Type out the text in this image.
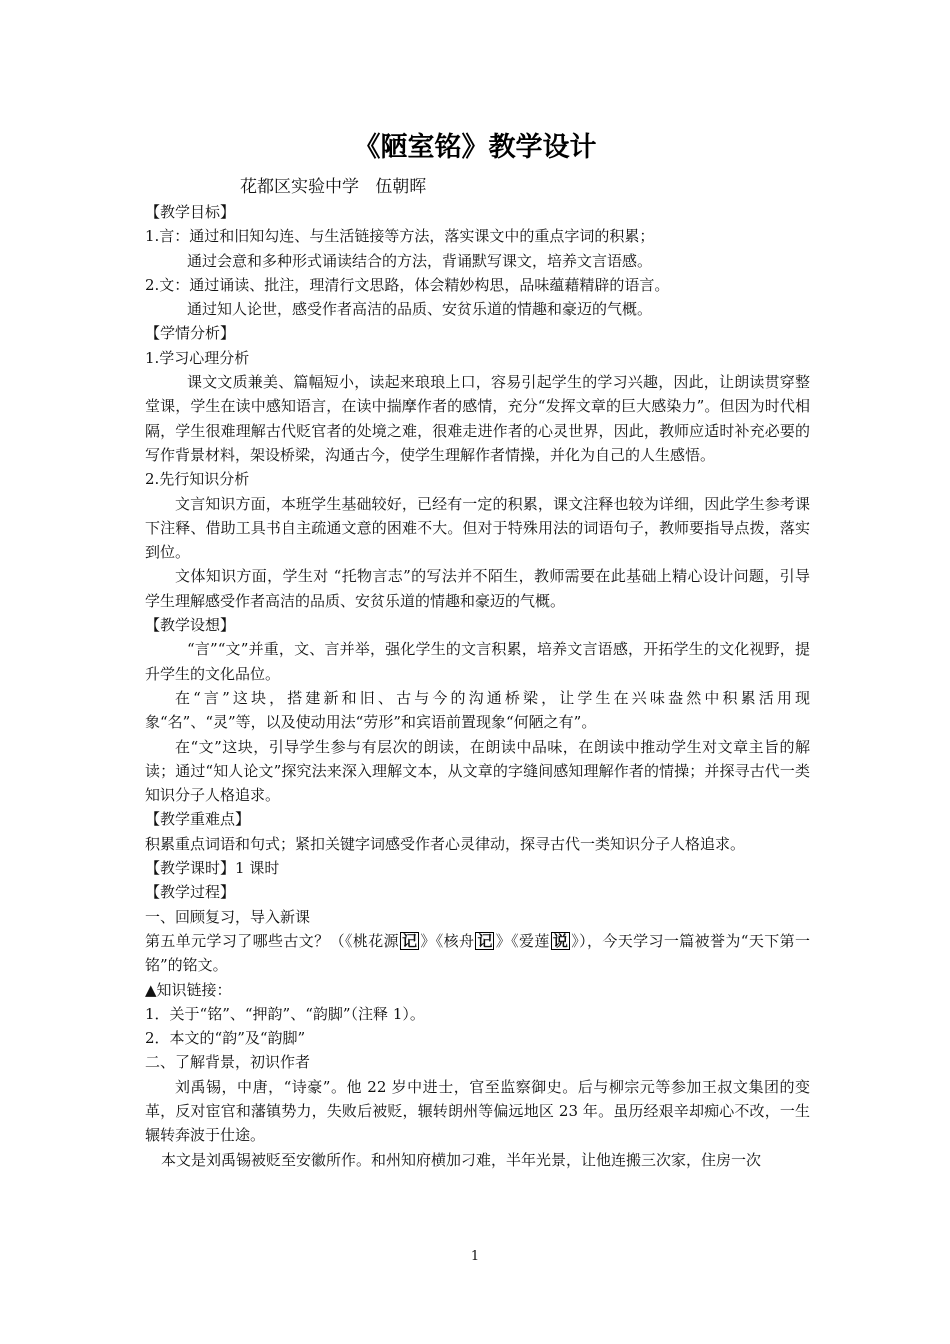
《陋室铭》教学设计
花都区实验中学   伍朝晖

【教学目标】

1.言：通过和旧知勾连、与生活链接等方法，落实课文中的重点字词的积累；

通过会意和多种形式诵读结合的方法，背诵默写课文，培养文言语感。

2.文：通过诵读、批注，理清行文思路，体会精妙构思，品味蕴藉精辟的语言。

通过知人论世，感受作者高洁的品质、安贫乐道的情趣和豪迈的气概。

【学情分析】

1.学习心理分析

课文文质兼美、篇幅短小，读起来琅琅上口，容易引起学生的学习兴趣，因此，让朗读贯穿整堂课，学生在读中感知语言，在读中揣摩作者的感情，充分“发挥文章的巨大感染力”。但因为时代相隔，学生很难理解古代贬官者的处境之难，很难走进作者的心灵世界，因此，教师应适时补充必要的写作背景材料，架设桥梁，沟通古今，使学生理解作者情操，并化为自己的人生感悟。

2.先行知识分析

文言知识方面，本班学生基础较好，已经有一定的积累，课文注释也较为详细，因此学生参考课下注释、借助工具书自主疏通文意的困难不大。但对于特殊用法的词语句子，教师要指导点拨，落实到位。

文体知识方面，学生对 “托物言志”的写法并不陌生，教师需要在此基础上精心设计问题，引导学生理解感受作者高洁的品质、安贫乐道的情趣和豪迈的气概。

【教学设想】

“言”“文”并重，文、言并举，强化学生的文言积累，培养文言语感，开拓学生的文化视野，提升学生的文化品位。

在“言”这块，搭建新和旧、古与今的沟通桥梁，让学生在兴味盎然中积累活用现象“名”、“灵”等，以及使动用法“劳形”和宾语前置现象“何陋之有”。

在“文”这块，引导学生参与有层次的朗读，在朗读中品味，在朗读中推动学生对文章主旨的解读；通过“知人论文”探究法来深入理解文本，从文章的字缝间感知理解作者的情操；并探寻古代一类知识分子人格追求。

【教学重难点】

积累重点词语和句式；紧扣关键字词感受作者心灵律动，探寻古代一类知识分子人格追求。

【教学课时】1 课时

【教学过程】

一、回顾复习，导入新课

第五单元学习了哪些古文？（《桃花源 记 》《核舟 记 》《爱莲 说 》），今天学习一篇被誉为“天下第一铭”的铭文。

▲知识链接：

1．关于“铭”、“押韵”、“韵脚”（注释 1）。

2．本文的“韵”及“韵脚”

二、了解背景，初识作者

刘禹锡，中唐，“诗豪”。他 22 岁中进士，官至监察御史。后与柳宗元等参加王叔文集团的变革，反对宦官和藩镇势力，失败后被贬，辗转朗州等偏远地区 23 年。虽历经艰辛却痴心不改，一生辗转奔波于仕途。

本文是刘禹锡被贬至安徽所作。和州知府横加刁难，半年光景，让他连搬三次家，住房一次

1
